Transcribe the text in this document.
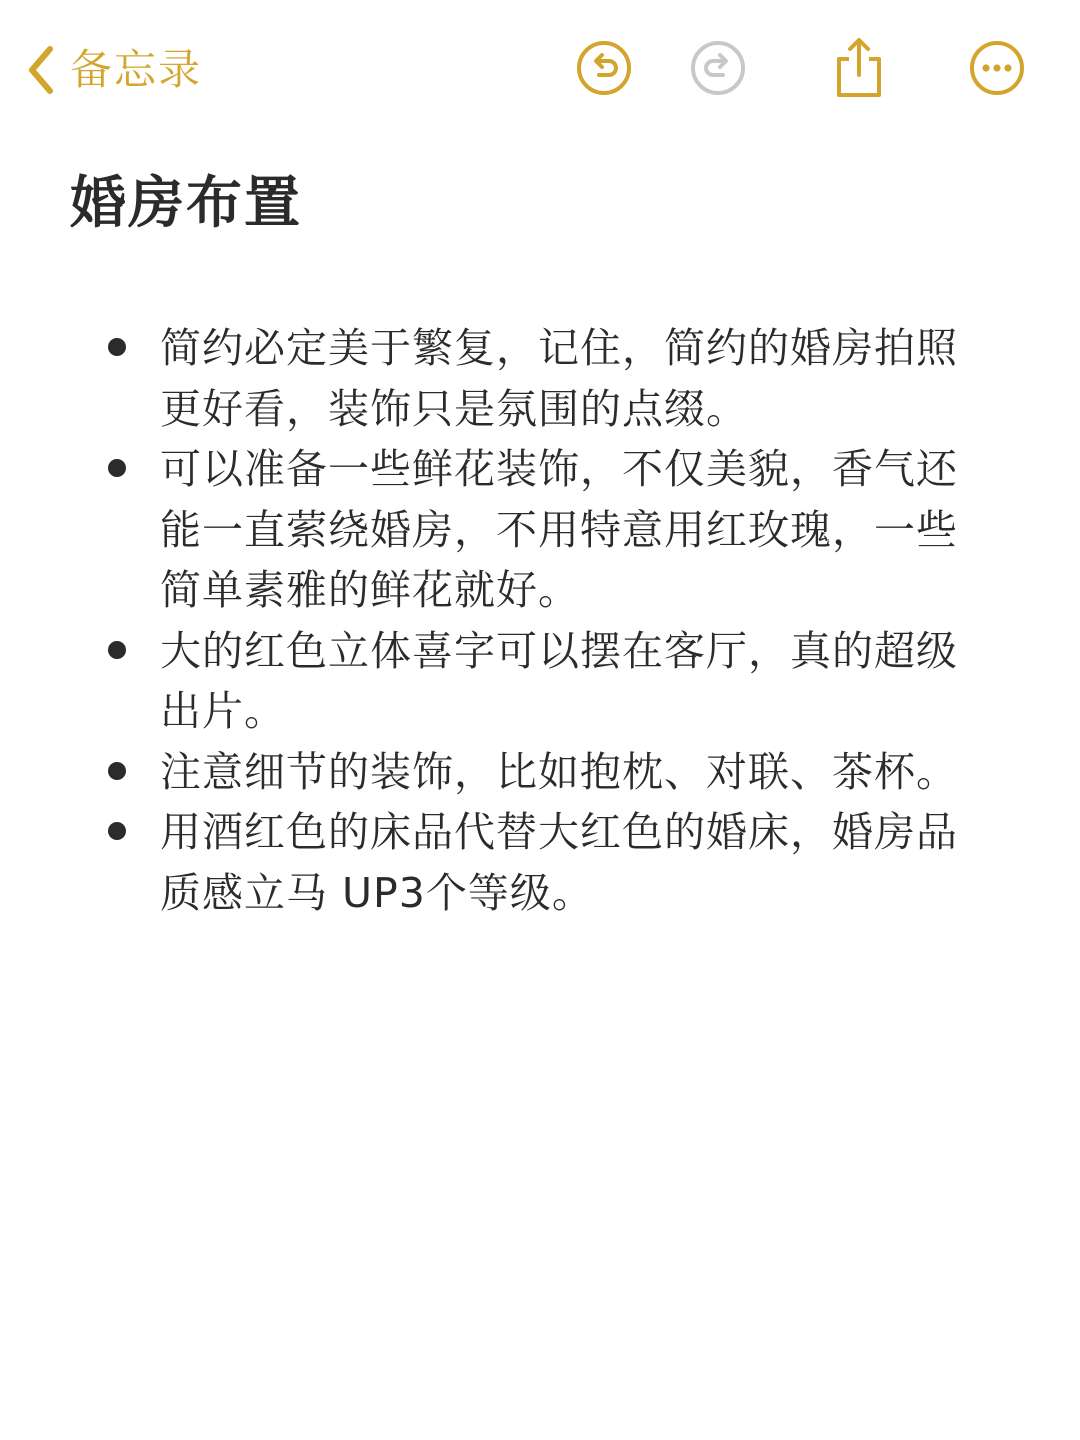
备忘录
婚房布置
简约必定美于繁复，记住，简约的婚房拍照更好看，装饰只是氛围的点缀。
可以准备一些鲜花装饰，不仅美貌，香气还能一直萦绕婚房，不用特意用红玫瑰，一些简单素雅的鲜花就好。
大的红色立体喜字可以摆在客厅，真的超级出片。
注意细节的装饰，比如抱枕、对联、茶杯。
用酒红色的床品代替大红色的婚床，婚房品质感立马 UP3个等级。
